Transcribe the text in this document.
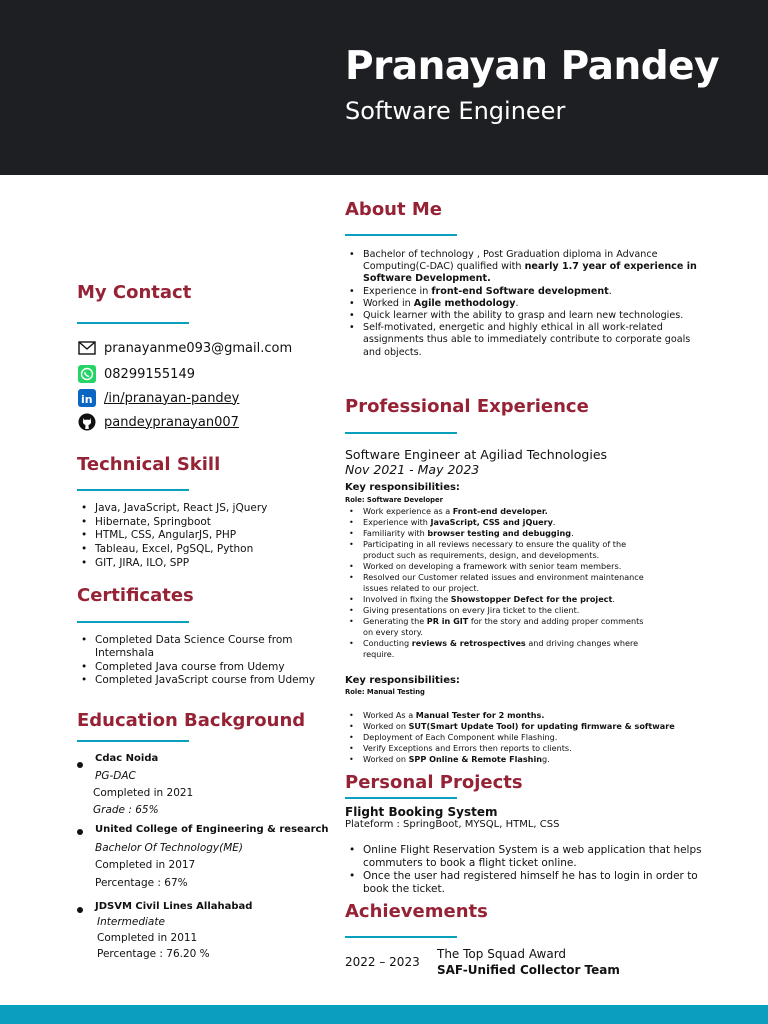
Pranayan Pandey
Software Engineer
My Contact
pranayanme093@gmail.com
08299155149
in /in/pranayan-pandey
pandeypranayan007
Technical Skill
• Java, JavaScript, React JS, jQuery
• Hibernate, Springboot
• HTML, CSS, AngularJS, PHP
• Tableau, Excel, PgSQL, Python
• GIT, JIRA, ILO, SPP
Certificates
• Completed Data Science Course from Internshala
• Completed Java course from Udemy
• Completed JavaScript course from Udemy
Education Background
Cdac Noida
PG-DAC
Completed in 2021
Grade : 65%
United College of Engineering & research
Bachelor Of Technology(ME)
Completed in 2017
Percentage : 67%
JDSVM Civil Lines Allahabad
Intermediate
Completed in 2011
Percentage : 76.20 %
About Me
• Bachelor of technology , Post Graduation diploma in Advance Computing(C-DAC) qualified with nearly 1.7 year of experience in Software Development.
• Experience in front-end Software development.
• Worked in Agile methodology.
• Quick learner with the ability to grasp and learn new technologies.
• Self-motivated, energetic and highly ethical in all work-related assignments thus able to immediately contribute to corporate goals and objects.
Professional Experience
Software Engineer at Agiliad Technologies
Nov 2021 - May 2023
Key responsibilities:
Role: Software Developer
• Work experience as a Front-end developer.
• Experience with JavaScript, CSS and jQuery.
• Familiarity with browser testing and debugging.
• Participating in all reviews necessary to ensure the quality of the product such as requirements, design, and developments.
• Worked on developing a framework with senior team members.
• Resolved our Customer related issues and environment maintenance issues related to our project.
• Involved in fixing the Showstopper Defect for the project.
• Giving presentations on every Jira ticket to the client.
• Generating the PR in GIT for the story and adding proper comments on every story.
• Conducting reviews & retrospectives and driving changes where require.
Key responsibilities:
Role: Manual Testing
• Worked As a Manual Tester for 2 months.
• Worked on SUT(Smart Update Tool) for updating firmware & software
• Deployment of Each Component while Flashing.
• Verify Exceptions and Errors then reports to clients.
• Worked on SPP Online & Remote Flashing.
Personal Projects
Flight Booking System
Plateform : SpringBoot, MYSQL, HTML, CSS
• Online Flight Reservation System is a web application that helps commuters to book a flight ticket online.
• Once the user had registered himself he has to login in order to book the ticket.
Achievements
2022 – 2023
The Top Squad Award
SAF-Unified Collector Team
